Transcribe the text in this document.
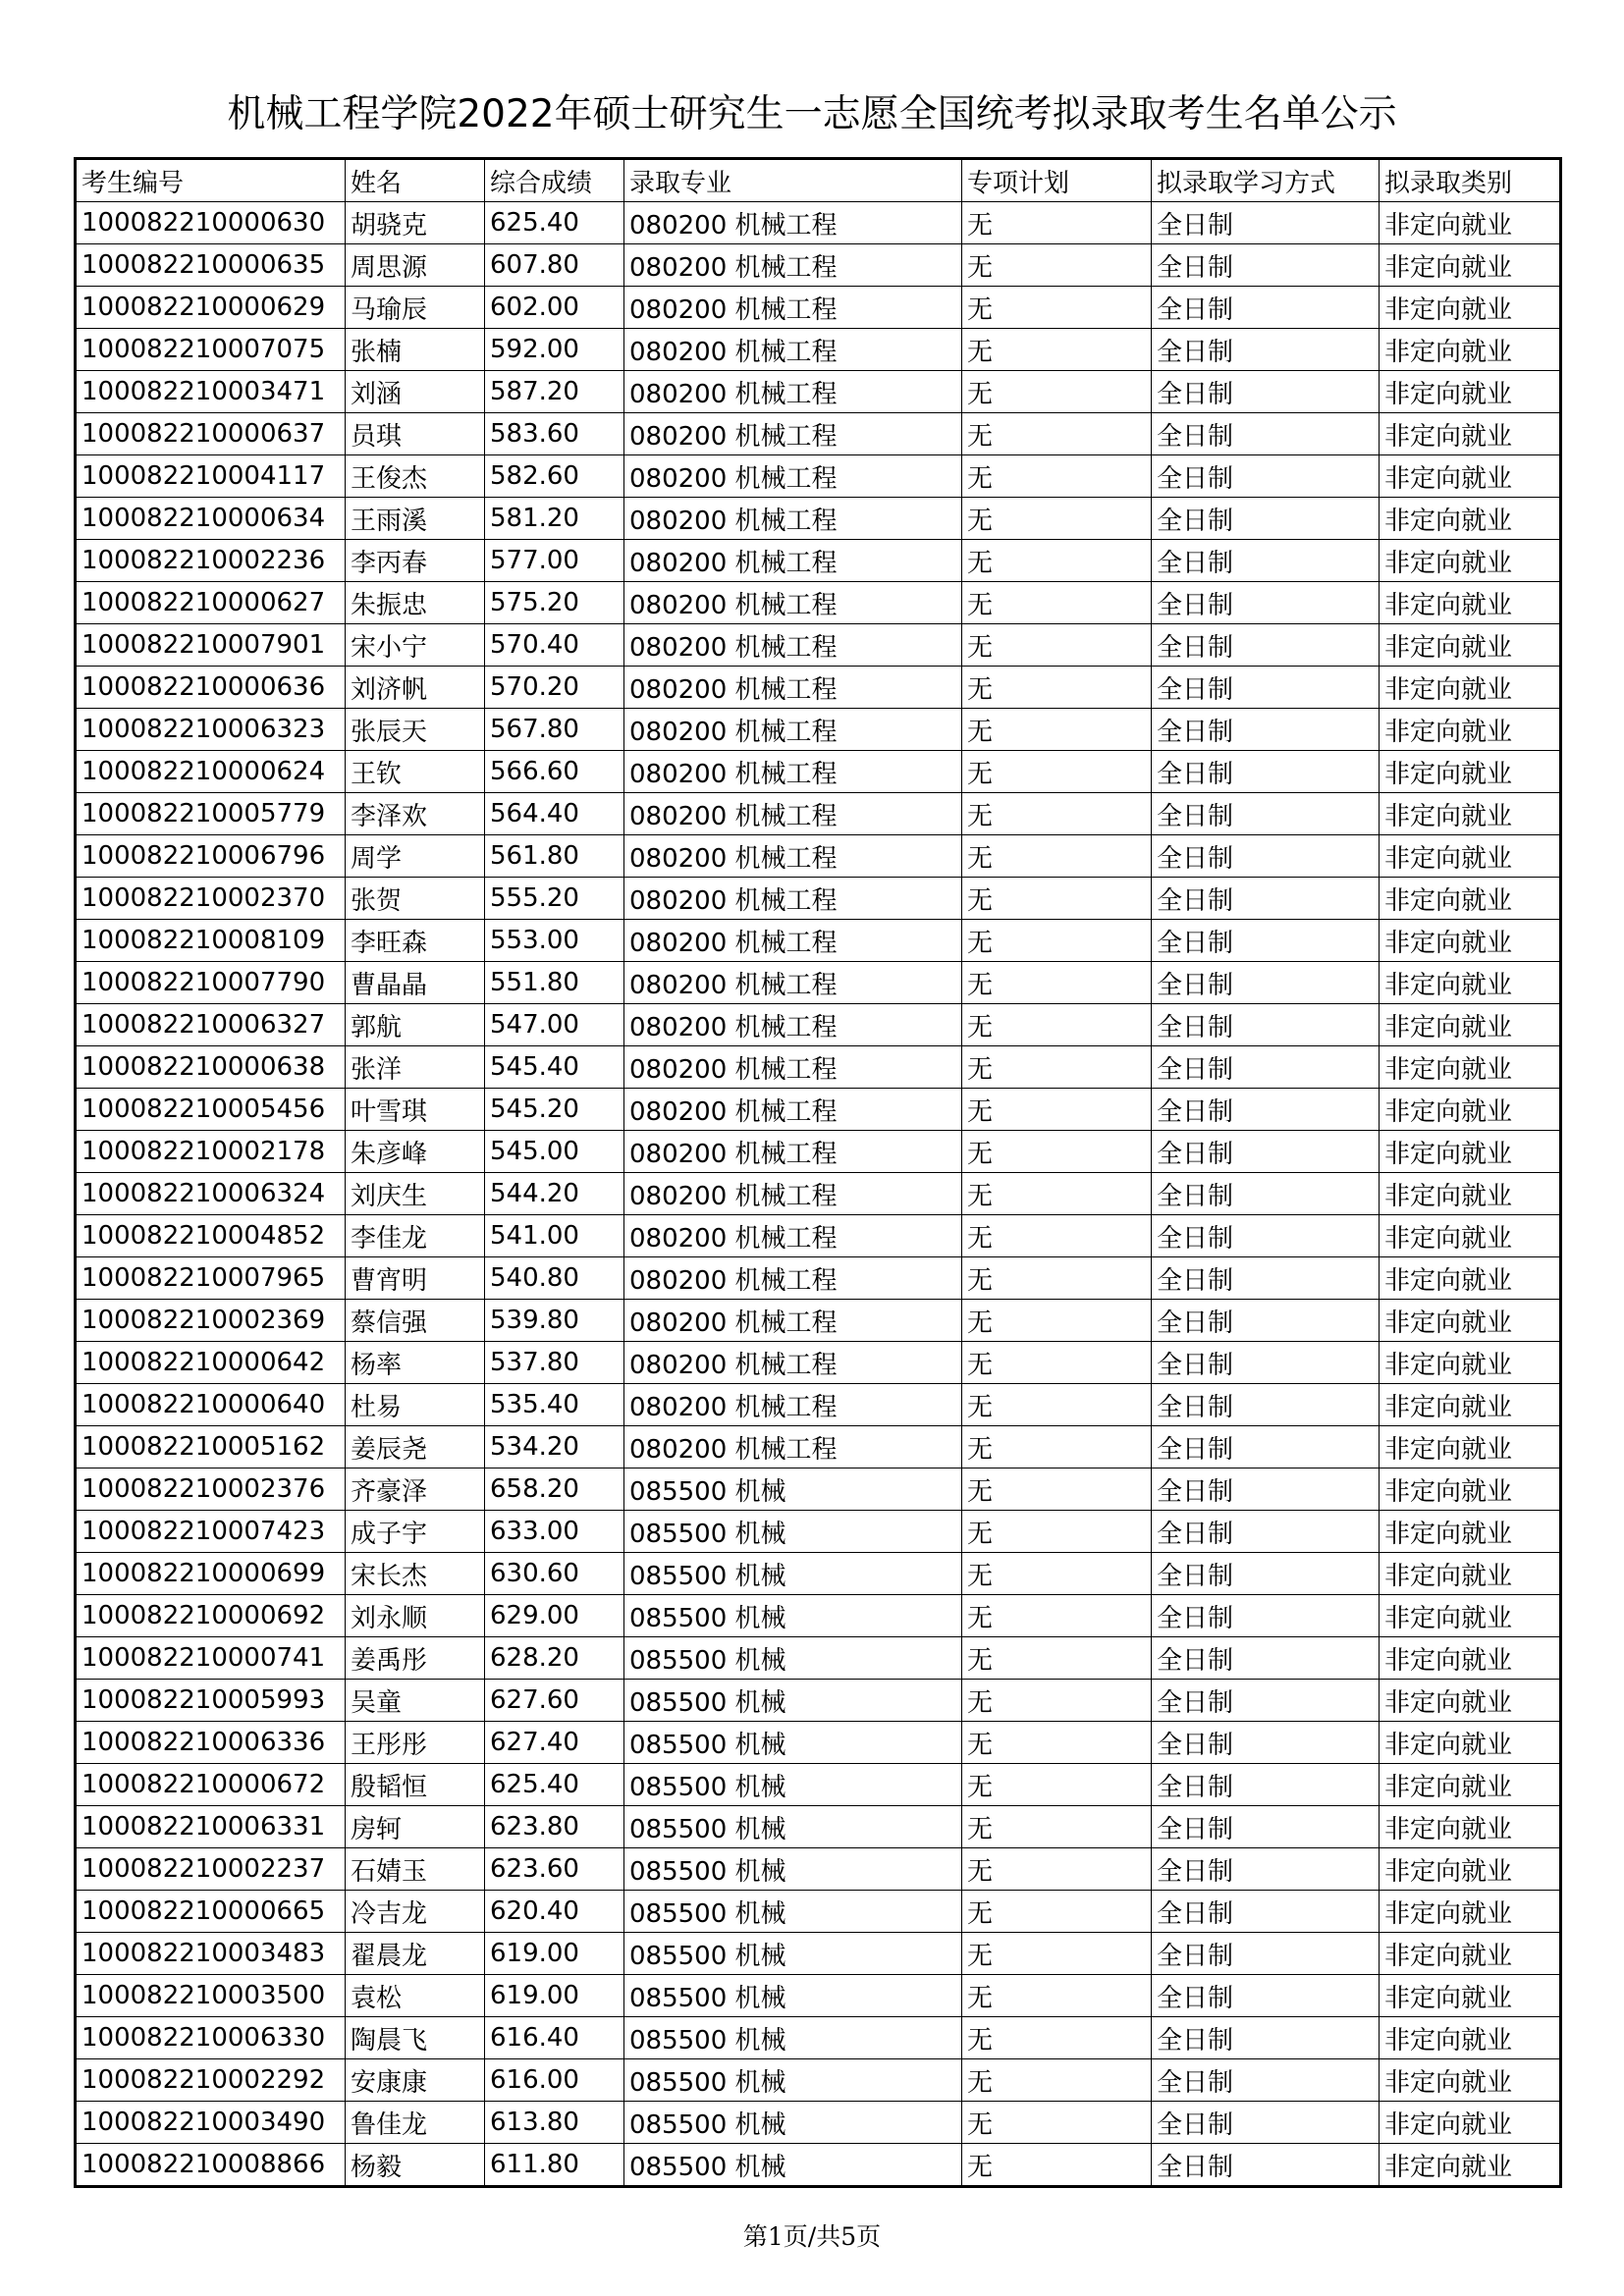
机械工程学院2022年硕士研究生一志愿全国统考拟录取考生名单公示
考生编号	姓名	综合成绩	录取专业	专项计划	拟录取学习方式	拟录取类别
100082210000630	胡骁克	625.40	080200 机械工程	无	全日制	非定向就业
100082210000635	周思源	607.80	080200 机械工程	无	全日制	非定向就业
100082210000629	马瑜辰	602.00	080200 机械工程	无	全日制	非定向就业
100082210007075	张楠	592.00	080200 机械工程	无	全日制	非定向就业
100082210003471	刘涵	587.20	080200 机械工程	无	全日制	非定向就业
100082210000637	员琪	583.60	080200 机械工程	无	全日制	非定向就业
100082210004117	王俊杰	582.60	080200 机械工程	无	全日制	非定向就业
100082210000634	王雨溪	581.20	080200 机械工程	无	全日制	非定向就业
100082210002236	李丙春	577.00	080200 机械工程	无	全日制	非定向就业
100082210000627	朱振忠	575.20	080200 机械工程	无	全日制	非定向就业
100082210007901	宋小宁	570.40	080200 机械工程	无	全日制	非定向就业
100082210000636	刘济帆	570.20	080200 机械工程	无	全日制	非定向就业
100082210006323	张辰天	567.80	080200 机械工程	无	全日制	非定向就业
100082210000624	王钦	566.60	080200 机械工程	无	全日制	非定向就业
100082210005779	李泽欢	564.40	080200 机械工程	无	全日制	非定向就业
100082210006796	周学	561.80	080200 机械工程	无	全日制	非定向就业
100082210002370	张贺	555.20	080200 机械工程	无	全日制	非定向就业
100082210008109	李旺森	553.00	080200 机械工程	无	全日制	非定向就业
100082210007790	曹晶晶	551.80	080200 机械工程	无	全日制	非定向就业
100082210006327	郭航	547.00	080200 机械工程	无	全日制	非定向就业
100082210000638	张洋	545.40	080200 机械工程	无	全日制	非定向就业
100082210005456	叶雪琪	545.20	080200 机械工程	无	全日制	非定向就业
100082210002178	朱彦峰	545.00	080200 机械工程	无	全日制	非定向就业
100082210006324	刘庆生	544.20	080200 机械工程	无	全日制	非定向就业
100082210004852	李佳龙	541.00	080200 机械工程	无	全日制	非定向就业
100082210007965	曹宵明	540.80	080200 机械工程	无	全日制	非定向就业
100082210002369	蔡信强	539.80	080200 机械工程	无	全日制	非定向就业
100082210000642	杨率	537.80	080200 机械工程	无	全日制	非定向就业
100082210000640	杜易	535.40	080200 机械工程	无	全日制	非定向就业
100082210005162	姜辰尧	534.20	080200 机械工程	无	全日制	非定向就业
100082210002376	齐豪泽	658.20	085500 机械	无	全日制	非定向就业
100082210007423	成子宇	633.00	085500 机械	无	全日制	非定向就业
100082210000699	宋长杰	630.60	085500 机械	无	全日制	非定向就业
100082210000692	刘永顺	629.00	085500 机械	无	全日制	非定向就业
100082210000741	姜禹彤	628.20	085500 机械	无	全日制	非定向就业
100082210005993	吴童	627.60	085500 机械	无	全日制	非定向就业
100082210006336	王彤彤	627.40	085500 机械	无	全日制	非定向就业
100082210000672	殷韬恒	625.40	085500 机械	无	全日制	非定向就业
100082210006331	房轲	623.80	085500 机械	无	全日制	非定向就业
100082210002237	石婧玉	623.60	085500 机械	无	全日制	非定向就业
100082210000665	冷吉龙	620.40	085500 机械	无	全日制	非定向就业
100082210003483	翟晨龙	619.00	085500 机械	无	全日制	非定向就业
100082210003500	袁松	619.00	085500 机械	无	全日制	非定向就业
100082210006330	陶晨飞	616.40	085500 机械	无	全日制	非定向就业
100082210002292	安康康	616.00	085500 机械	无	全日制	非定向就业
100082210003490	鲁佳龙	613.80	085500 机械	无	全日制	非定向就业
100082210008866	杨毅	611.80	085500 机械	无	全日制	非定向就业
第1页/共5页
